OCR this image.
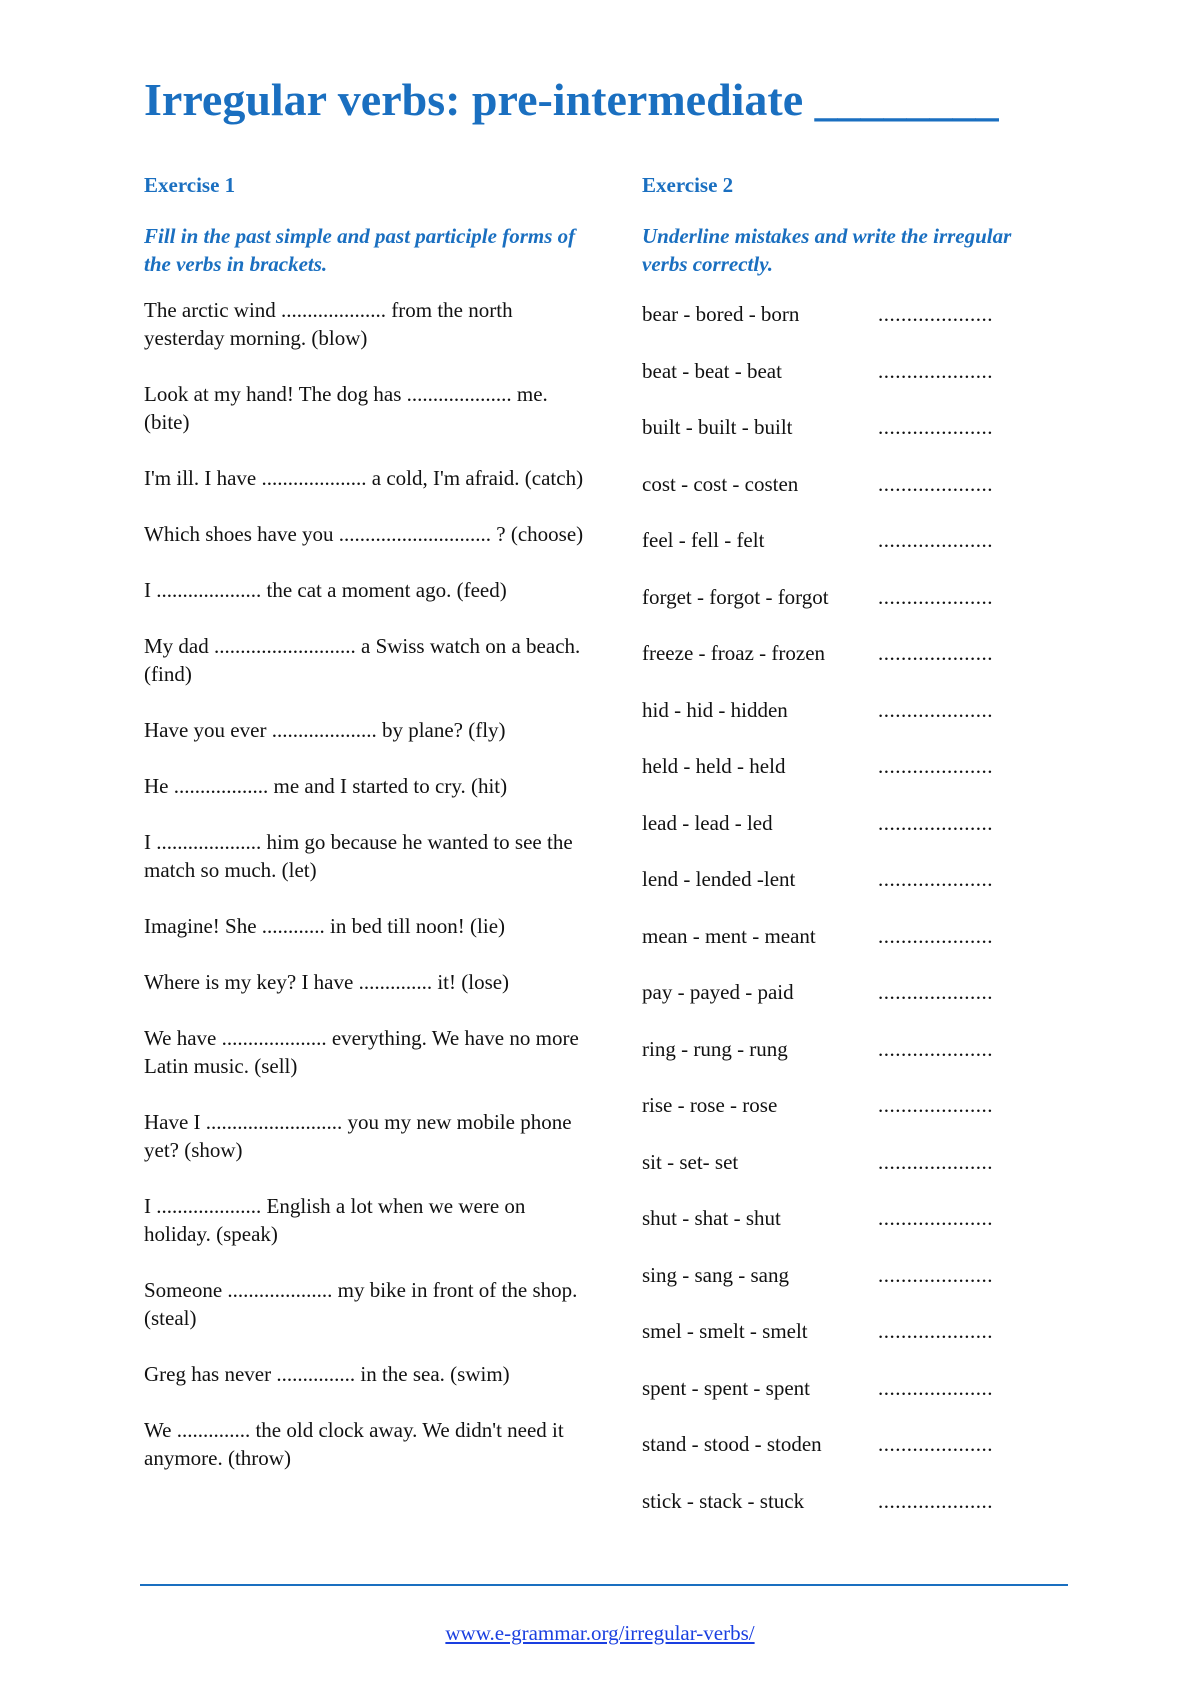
Irregular verbs: pre-intermediate ________
Exercise 1

Fill in the past simple and past participle forms of the verbs in brackets.

The arctic wind .................... from the north yesterday morning. (blow)
Look at my hand! The dog has .................... me. (bite)
I'm ill. I have .................... a cold, I'm afraid. (catch)
Which shoes have you ............................. ? (choose)
I .................... the cat a moment ago. (feed)
My dad ........................... a Swiss watch on a beach. (find)
Have you ever .................... by plane? (fly)
He .................. me and I started to cry. (hit)
I .................... him go because he wanted to see the match so much. (let)
Imagine! She ............ in bed till noon! (lie)
Where is my key? I have .............. it! (lose)
We have .................... everything. We have no more Latin music. (sell)
Have I .......................... you my new mobile phone yet? (show)
I .................... English a lot when we were on holiday. (speak)
Someone .................... my bike in front of the shop. (steal)
Greg has never ............... in the sea. (swim)
We .............. the old clock away. We didn't need it anymore. (throw)
Exercise 2

Underline mistakes and write the irregular verbs correctly.

bear - bored - born	....................
beat - beat - beat	....................
built - built - built	....................
cost - cost - costen	....................
feel - fell - felt	....................
forget - forgot - forgot	....................
freeze - froaz - frozen	....................
hid - hid - hidden	....................
held - held - held	....................
lead - lead - led	....................
lend - lended -lent	....................
mean - ment - meant	....................
pay - payed - paid	....................
ring - rung - rung	....................
rise - rose - rose	....................
sit - set- set	....................
shut - shat - shut	....................
sing - sang - sang	....................
smel - smelt - smelt	....................
spent - spent - spent	....................
stand - stood - stoden	....................
stick - stack - stuck	....................
www.e-grammar.org/irregular-verbs/
